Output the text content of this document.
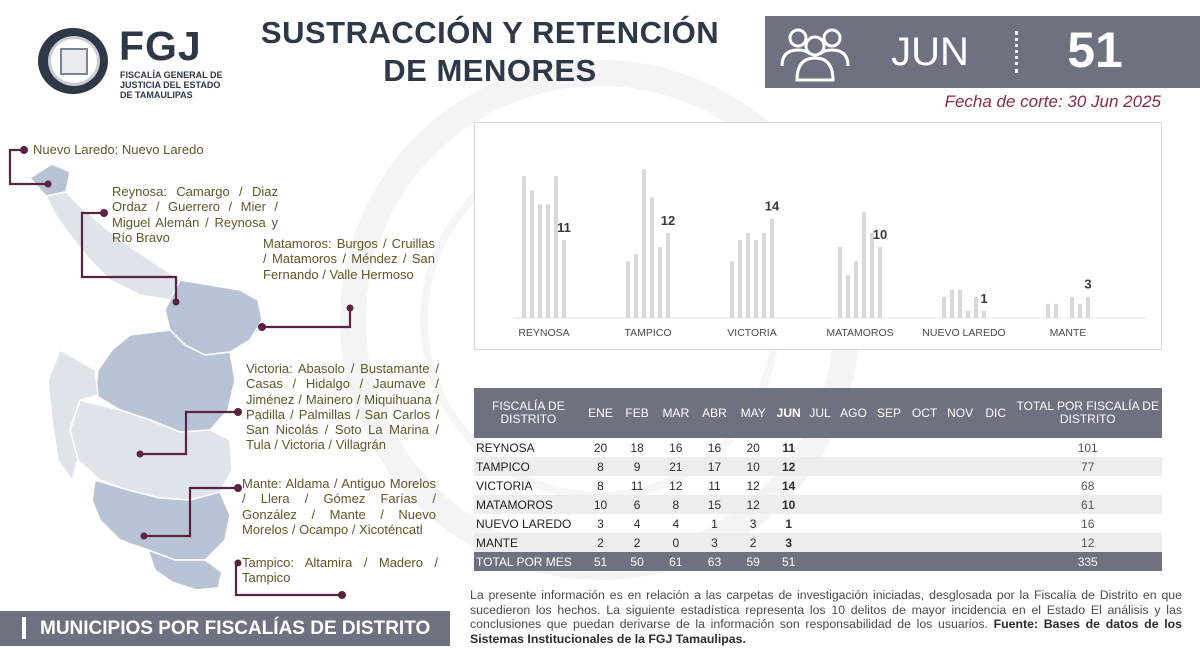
FGJ
FISCALÍA GENERAL DE JUSTICIA DEL ESTADO DE TAMAULIPAS
SUSTRACCIÓN Y RETENCIÓN DE MENORES	JUN	51
Fecha de corte: 30 Jun 2025
11
REYNOSA
12
TAMPICO
14
VICTORIA
10
MATAMOROS
1
NUEVO LAREDO
3
MANTE
FISCALÍA DE DISTRITO	ENE	FEB	MAR	ABR	MAY	JUN	JUL	AGO	SEP	OCT	NOV	DIC	TOTAL POR FISCALÍA DE DISTRITO
REYNOSA	20	18	16	16	20	11							101
TAMPICO	8	9	21	17	10	12							77
VICTORIA	8	11	12	11	12	14							68
MATAMOROS	10	6	8	15	12	10							61
NUEVO LAREDO	3	4	4	1	3	1							16
MANTE	2	2	0	3	2	3							12
TOTAL POR MES	51	50	61	63	59	51							335
La presente información es en relación a las carpetas de investigación iniciadas, desglosada por la Fiscalía de Distrito en que sucedieron los hechos. La siguiente estadística representa los 10 delitos de mayor incidencia en el Estado El análisis y las conclusiones que puedan derivarse de la información son responsabilidad de los usuarios. Fuente: Bases de datos de los Sistemas Institucionales de la FGJ Tamaulipas.
Nuevo Laredo: Nuevo Laredo
Reynosa: Camargo / Diaz Ordaz / Guerrero / Mier / Miguel Alemán / Reynosa y Río Bravo	Matamoros: Burgos / Cruillas / Matamoros / Méndez / San Fernando / Valle Hermoso
Victoria: Abasolo / Bustamante / Casas / Hidalgo / Jaumave / Jiménez / Mainero / Miquihuana / Padilla / Palmillas / San Carlos / San Nicolás / Soto La Marina / Tula / Victoria / Villagrán
Mante: Aldama / Antiguo Morelos / Llera / Gómez Farías / González / Mante / Nuevo Morelos / Ocampo / Xicoténcatl
Tampico: Altamira / Madero / Tampico
MUNICIPIOS POR FISCALÍAS DE DISTRITO
